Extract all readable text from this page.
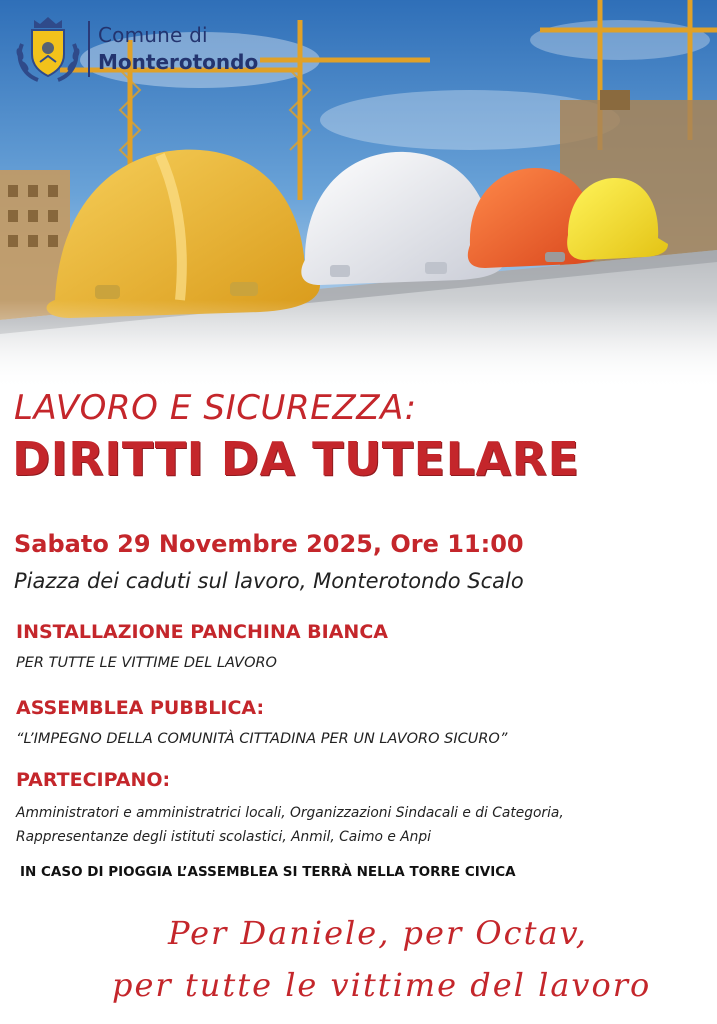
Comune di
Monterotondo
LAVORO E SICUREZZA:
DIRITTI DA TUTELARE
Sabato 29 Novembre 2025, Ore 11:00
Piazza dei caduti sul lavoro, Monterotondo Scalo
INSTALLAZIONE PANCHINA BIANCA
PER TUTTE LE VITTIME DEL LAVORO
ASSEMBLEA PUBBLICA:
“L’IMPEGNO DELLA COMUNITÀ CITTADINA PER UN LAVORO SICURO”
PARTECIPANO:
Amministratori e amministratrici locali, Organizzazioni Sindacali e di Categoria,
Rappresentanze degli istituti scolastici, Anmil, Caimo e Anpi
IN CASO DI PIOGGIA L’ASSEMBLEA SI TERRÀ NELLA TORRE CIVICA
Per Daniele, per Octav,
per tutte le vittime del lavoro
